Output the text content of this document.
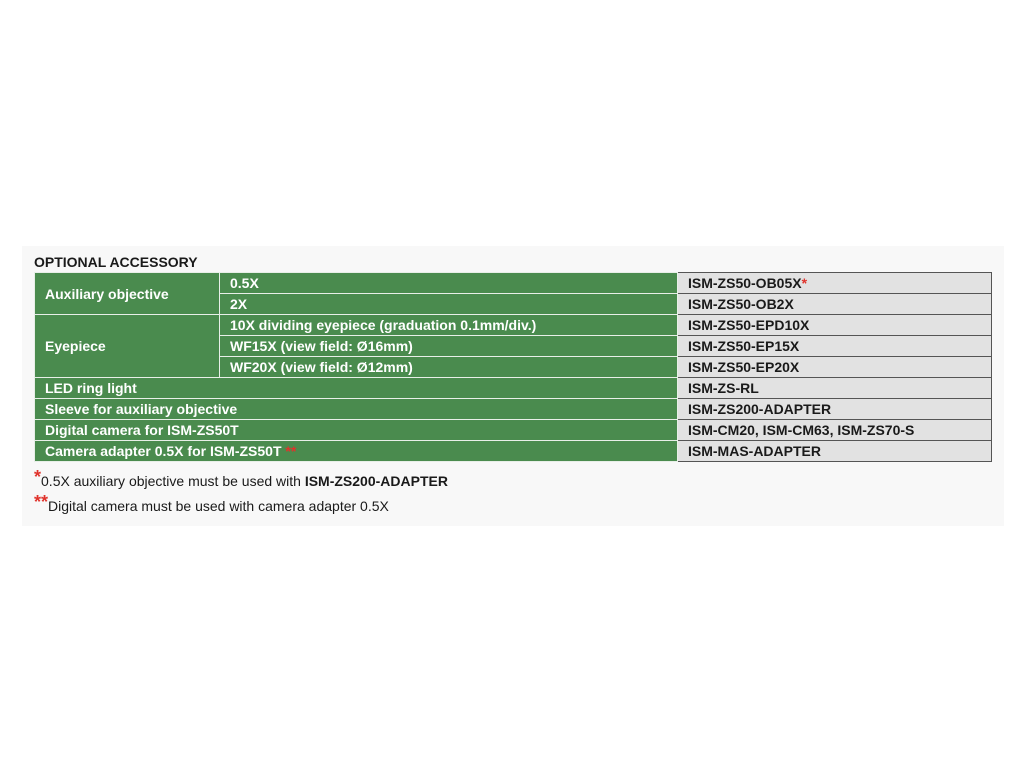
OPTIONAL ACCESSORY
Auxiliary objective	0.5X	ISM-ZS50-OB05X*
	2X	ISM-ZS50-OB2X
Eyepiece	10X dividing eyepiece (graduation 0.1mm/div.)	ISM-ZS50-EPD10X
	WF15X (view field: Ø16mm)	ISM-ZS50-EP15X
	WF20X (view field: Ø12mm)	ISM-ZS50-EP20X
LED ring light		ISM-ZS-RL
Sleeve for auxiliary objective		ISM-ZS200-ADAPTER
Digital camera for ISM-ZS50T		ISM-CM20, ISM-CM63, ISM-ZS70-S
Camera adapter 0.5X for ISM-ZS50T **		ISM-MAS-ADAPTER
*0.5X auxiliary objective must be used with ISM-ZS200-ADAPTER
**Digital camera must be used with camera adapter 0.5X
